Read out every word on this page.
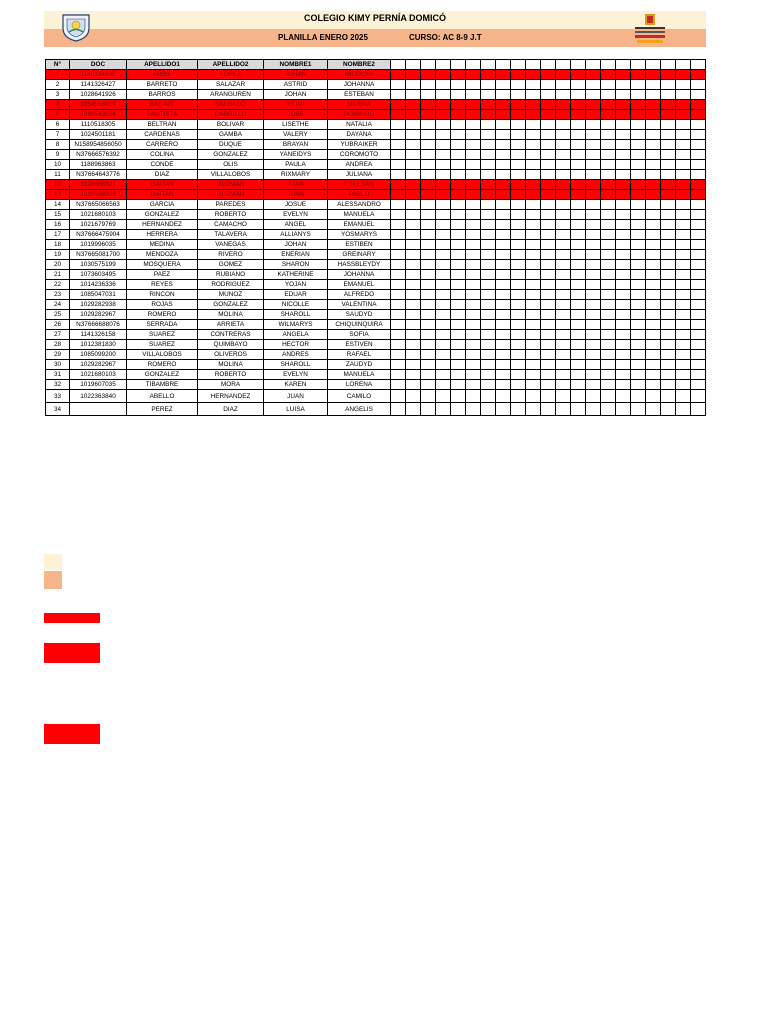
COLEGIO KIMY PERNÍA DOMICÓ
PLANILLA ENERO 2025	CURSO: AC 8-9 J.T
N°	DOC	APELLIDO1	APELLIDO2	NOMBRE1	NOMBRE2																					
1	1148124695	ABRIL	LOPEZ	JOHAN	NICOLAS																					
2	1141326427	BARRETO	SALAZAR	ASTRID	JOHANNA																					
3	1028641926	BARROS	ARANGUREN	JOHAN	ESTEBAN																					
4	1054553489	BASAVE	SALGADO	YEIMI	MILENA																					
5	1093643564	BAUTISTA	CARRILLO	JOSE	DOMINGO																					
6	1110518305	BELTRAN	BOLIVAR	LISETHE	NATALIA																					
7	1024501181	CARDENAS	GAMBA	VALERY	DAYANA																					
8	N158954856050	CARRERO	DUQUE	BRAYAN	YUBRAIKER																					
9	N37666576392	COLINA	GONZALEZ	YANEIDYS	COROMOTO																					
10	1188963863	CONDE	OLIS	PAULA	ANDREA																					
11	N37664643776	DIAZ	VILLALOBOS	RIXMARY	JULIANA																					
12	1028668321	GAITAN	GUZMAN	JUAN	ESTEBAN																					
13	1028668322	GAITAN	GUZMAN	JUAN	PABLO																					
14	N37665066563	GARCIA	PAREDES	JOSUE	ALESSANDRO																					
15	1021680103	GONZALEZ	ROBERTO	EVELYN	MANUELA																					
16	1021679769	HERNANDEZ	CAMACHO	ANGEL	EMANUEL																					
17	N37666475904	HERRERA	TALAVERA	ALLIANYS	YOSMARYS																					
18	1019996035	MEDINA	VANEGAS	JOHAN	ESTIBEN																					
19	N37665081700	MENDOZA	RIVERO	ENERIAN	GREINARY																					
20	1030575199	MOSQUERA	GOMEZ	SHARON	HASSBLEYDY																					
21	1073603495	PAEZ	RUBIANO	KATHERINE	JOHANNA																					
22	1014236336	REYES	RODRIGUEZ	YOJAN	EMANUEL																					
23	1085047031	RINCON	MUNOZ	EDUAR	ALFREDO																					
24	1029282938	ROJAS	GONZALEZ	NICOLLE	VALENTINA																					
25	1029282967	ROMERO	MOLINA	SHAROLL	SAUDYD																					
26	N37666688076	SERRADA	ARRIETA	WILMARYS	CHIQUINQUIRA																					
27	1141326158	SUAREZ	CONTRERAS	ANGELA	SOFIA																					
28	1012381830	SUAREZ	QUIMBAYO	HECTOR	ESTIVEN																					
29	1085099200	VILLALOBOS	OLIVEROS	ANDRES	RAFAEL																					
30	1029282967	ROMERO	MOLINA	SHAROLL	ZAUDYD																					
31	1021680103	GONZALEZ	ROBERTO	EVELYN	MANUELA																					
32	1019607035	TIBAMBRE	MORA	KAREN	LORENA																					
33	1022363840	ABELLO	HERNANDEZ	JUAN	CAMILO																					
34		PEREZ	DIAZ	LUISA	ANGELIS																					
